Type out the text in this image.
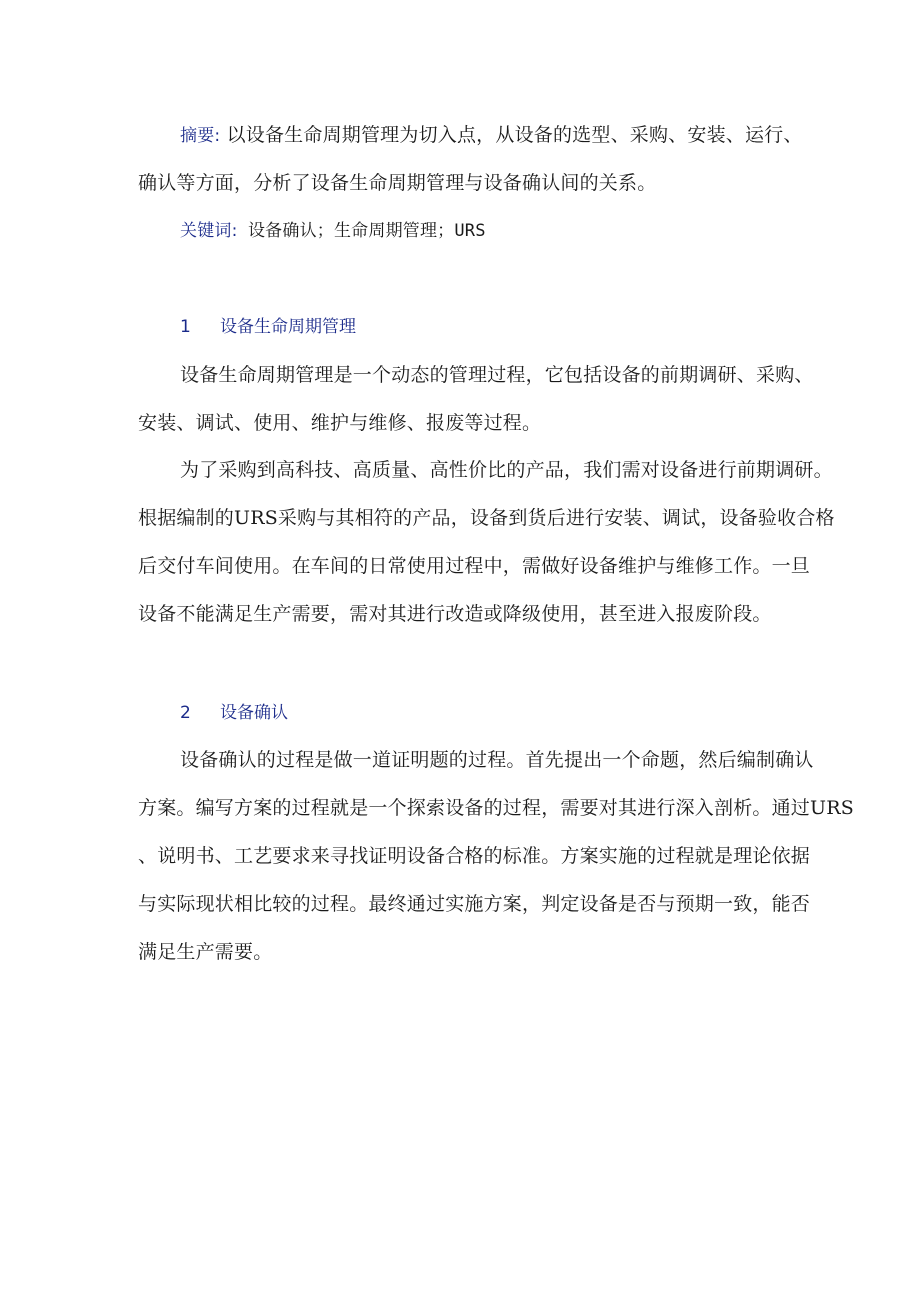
摘要: 以设备生命周期管理为切入点，从设备的选型、采购、安装、运行、
确认等方面，分析了设备生命周期管理与设备确认间的关系。

关键词: 设备确认；生命周期管理；URS

1 设备生命周期管理

设备生命周期管理是一个动态的管理过程，它包括设备的前期调研、采购、
安装、调试、使用、维护与维修、报废等过程。

为了采购到高科技、高质量、高性价比的产品，我们需对设备进行前期调研。
根据编制的URS采购与其相符的产品，设备到货后进行安装、调试，设备验收合格
后交付车间使用。在车间的日常使用过程中，需做好设备维护与维修工作。一旦
设备不能满足生产需要，需对其进行改造或降级使用，甚至进入报废阶段。

2 设备确认

设备确认的过程是做一道证明题的过程。首先提出一个命题，然后编制确认
方案。编写方案的过程就是一个探索设备的过程，需要对其进行深入剖析。通过URS
、说明书、工艺要求来寻找证明设备合格的标准。方案实施的过程就是理论依据
与实际现状相比较的过程。最终通过实施方案，判定设备是否与预期一致，能否
满足生产需要。
